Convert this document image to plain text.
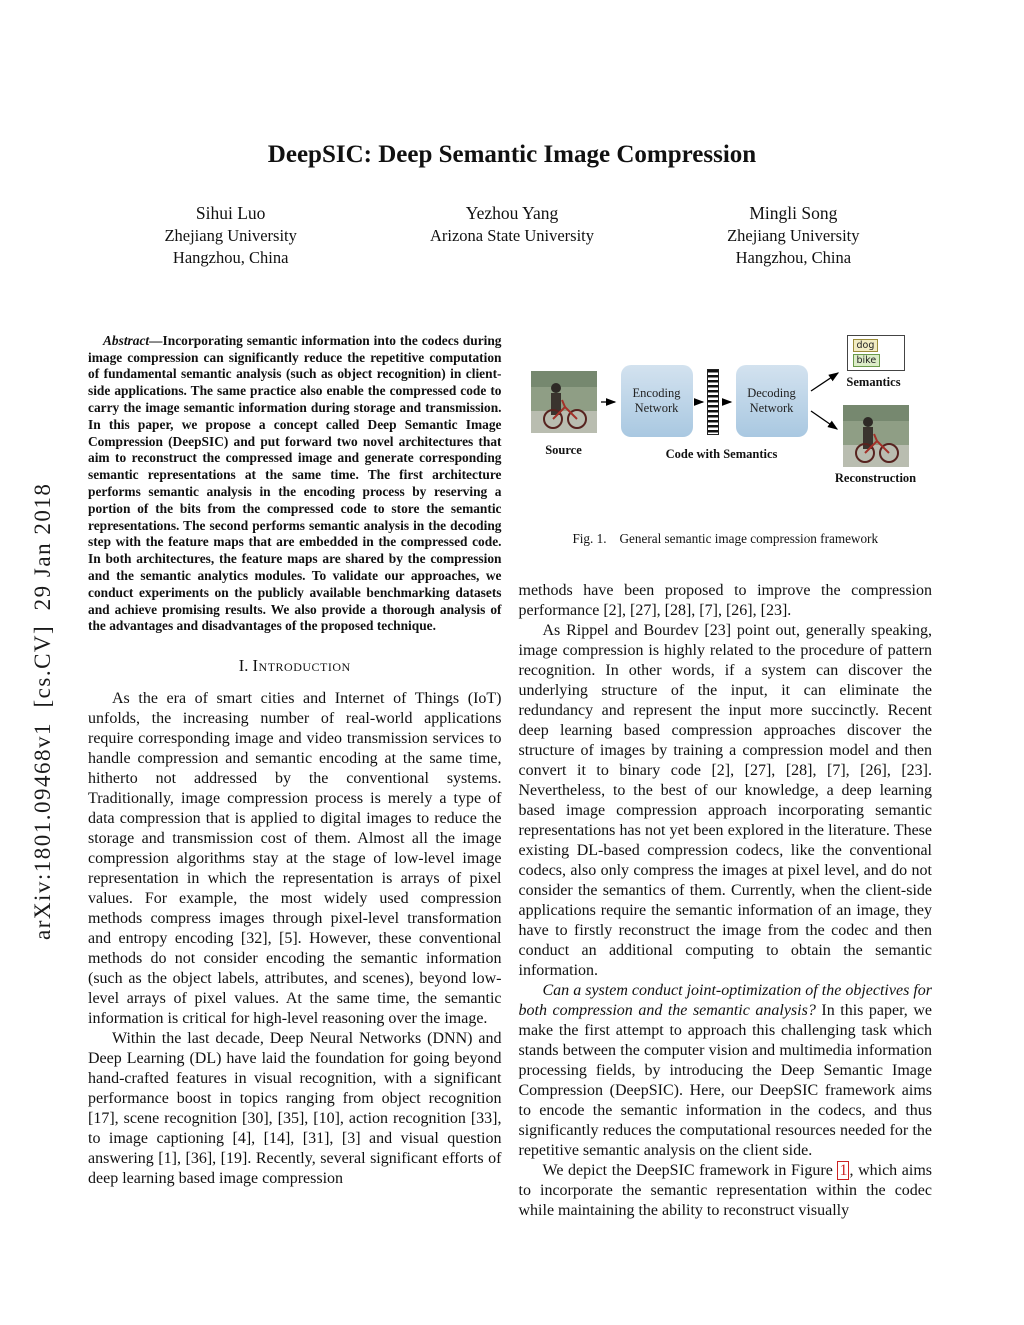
arXiv:1801.09468v1  [cs.CV]  29 Jan 2018
DeepSIC: Deep Semantic Image Compression
Sihui Luo
Zhejiang University
Hangzhou, China
Yezhou Yang
Arizona State University
Mingli Song
Zhejiang University
Hangzhou, China

Abstract—Incorporating semantic information into the codecs during image compression can significantly reduce the repetitive computation of fundamental semantic analysis (such as object recognition) in client-side applications. The same practice also enable the compressed code to carry the image semantic information during storage and transmission. In this paper, we propose a concept called Deep Semantic Image Compression (DeepSIC) and put forward two novel architectures that aim to reconstruct the compressed image and generate corresponding semantic representations at the same time. The first architecture performs semantic analysis in the encoding process by reserving a portion of the bits from the compressed code to store the semantic representations. The second performs semantic analysis in the decoding step with the feature maps that are embedded in the compressed code. In both architectures, the feature maps are shared by the compression and the semantic analytics modules. To validate our approaches, we conduct experiments on the publicly available benchmarking datasets and achieve promising results. We also provide a thorough analysis of the advantages and disadvantages of the proposed technique.

I. Introduction

As the era of smart cities and Internet of Things (IoT) unfolds, the increasing number of real-world applications require corresponding image and video transmission services to handle compression and semantic encoding at the same time, hitherto not addressed by the conventional systems. Traditionally, image compression process is merely a type of data compression that is applied to digital images to reduce the storage and transmission cost of them. Almost all the image compression algorithms stay at the stage of low-level image representation in which the representation is arrays of pixel values. For example, the most widely used compression methods compress images through pixel-level transformation and entropy encoding [32], [5]. However, these conventional methods do not consider encoding the semantic information (such as the object labels, attributes, and scenes), beyond low-level arrays of pixel values. At the same time, the semantic information is critical for high-level reasoning over the image.

Within the last decade, Deep Neural Networks (DNN) and Deep Learning (DL) have laid the foundation for going beyond hand-crafted features in visual recognition, with a significant performance boost in topics ranging from object recognition [17], scene recognition [30], [35], [10], action recognition [33], to image captioning [4], [14], [31], [3] and visual question answering [1], [36], [19]. Recently, several significant efforts of deep learning based image compression

Source
Encoding Network
Decoding Network
Code with Semantics
dog
bike
Semantics
Reconstruction
Fig. 1. General semantic image compression framework

methods have been proposed to improve the compression performance [2], [27], [28], [7], [26], [23].

As Rippel and Bourdev [23] point out, generally speaking, image compression is highly related to the procedure of pattern recognition. In other words, if a system can discover the underlying structure of the input, it can eliminate the redundancy and represent the input more succinctly. Recent deep learning based compression approaches discover the structure of images by training a compression model and then convert it to binary code [2], [27], [28], [7], [26], [23]. Nevertheless, to the best of our knowledge, a deep learning based image compression approach incorporating semantic representations has not yet been explored in the literature. These existing DL-based compression codecs, like the conventional codecs, also only compress the images at pixel level, and do not consider the semantics of them. Currently, when the client-side applications require the semantic information of an image, they have to firstly reconstruct the image from the codec and then conduct an additional computing to obtain the semantic information.

Can a system conduct joint-optimization of the objectives for both compression and the semantic analysis? In this paper, we make the first attempt to approach this challenging task which stands between the computer vision and multimedia information processing fields, by introducing the Deep Semantic Image Compression (DeepSIC). Here, our DeepSIC framework aims to encode the semantic information in the codecs, and thus significantly reduces the computational resources needed for the repetitive semantic analysis on the client side.

We depict the DeepSIC framework in Figure 1 , which aims to incorporate the semantic representation within the codec while maintaining the ability to reconstruct visually
